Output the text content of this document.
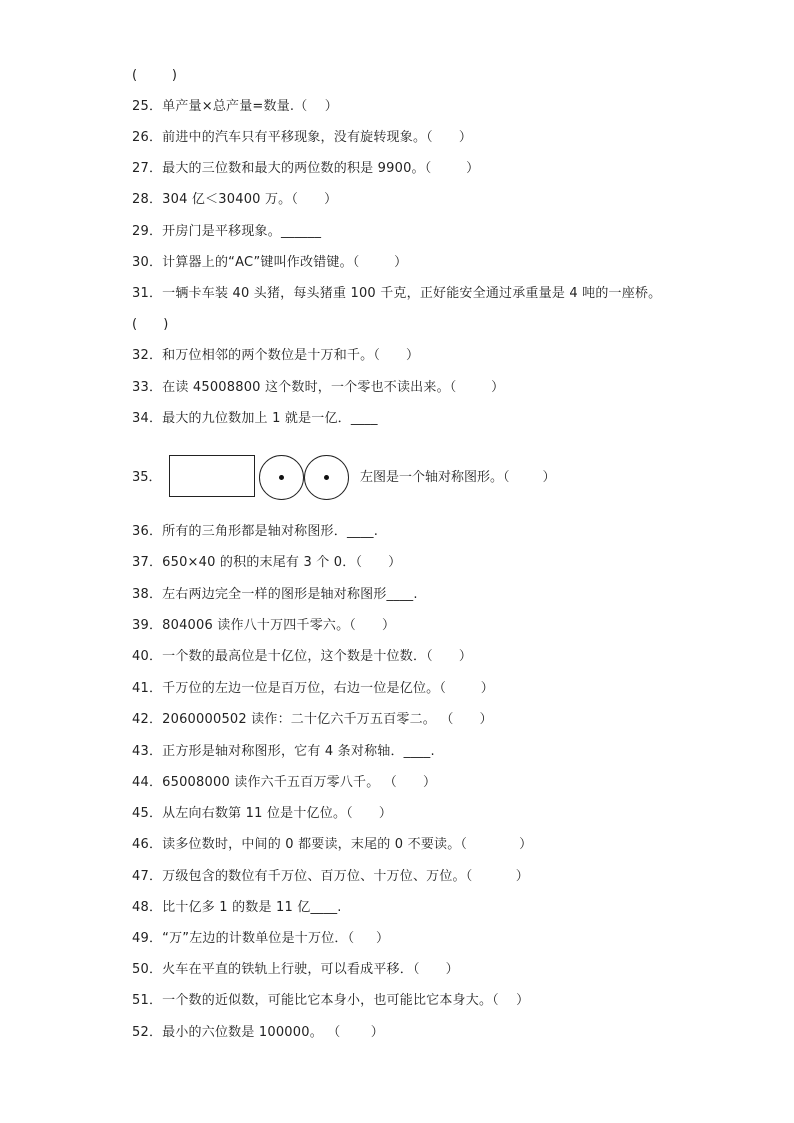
(        )
25．单产量×总产量=数量.（    ）
26．前进中的汽车只有平移现象，没有旋转现象。（      ）
27．最大的三位数和最大的两位数的积是 9900。（        ）
28．304 亿＜30400 万。（      ）
29．开房门是平移现象。______
30．计算器上的“AC”键叫作改错键。（        ）
31．一辆卡车装 40 头猪，每头猪重 100 千克，正好能安全通过承重量是 4 吨的一座桥。
(      )
32．和万位相邻的两个数位是十万和千。（      ）
33．在读 45008800 这个数时，一个零也不读出来。（        ）
34．最大的九位数加上 1 就是一亿．____
35．	左图是一个轴对称图形。（        ）
36．所有的三角形都是轴对称图形．____.
37．650×40 的积的末尾有 3 个 0．（      ）
38．左右两边完全一样的图形是轴对称图形____.
39．804006 读作八十万四千零六。（      ）
40．一个数的最高位是十亿位，这个数是十位数．（      ）
41．千万位的左边一位是百万位，右边一位是亿位。（        ）
42．2060000502 读作：二十亿六千万五百零二。 （      ）
43．正方形是轴对称图形，它有 4 条对称轴．____.
44．65008000 读作六千五百万零八千。 （      ）
45．从左向右数第 11 位是十亿位。（      ）
46．读多位数时，中间的 0 都要读，末尾的 0 不要读。（            ）
47．万级包含的数位有千万位、百万位、十万位、万位。（          ）
48．比十亿多 1 的数是 11 亿____.
49．“万”左边的计数单位是十万位．（     ）
50．火车在平直的铁轨上行驶，可以看成平移．（      ）
51．一个数的近似数，可能比它本身小，也可能比它本身大。（    ）
52．最小的六位数是 100000。 （       ）
